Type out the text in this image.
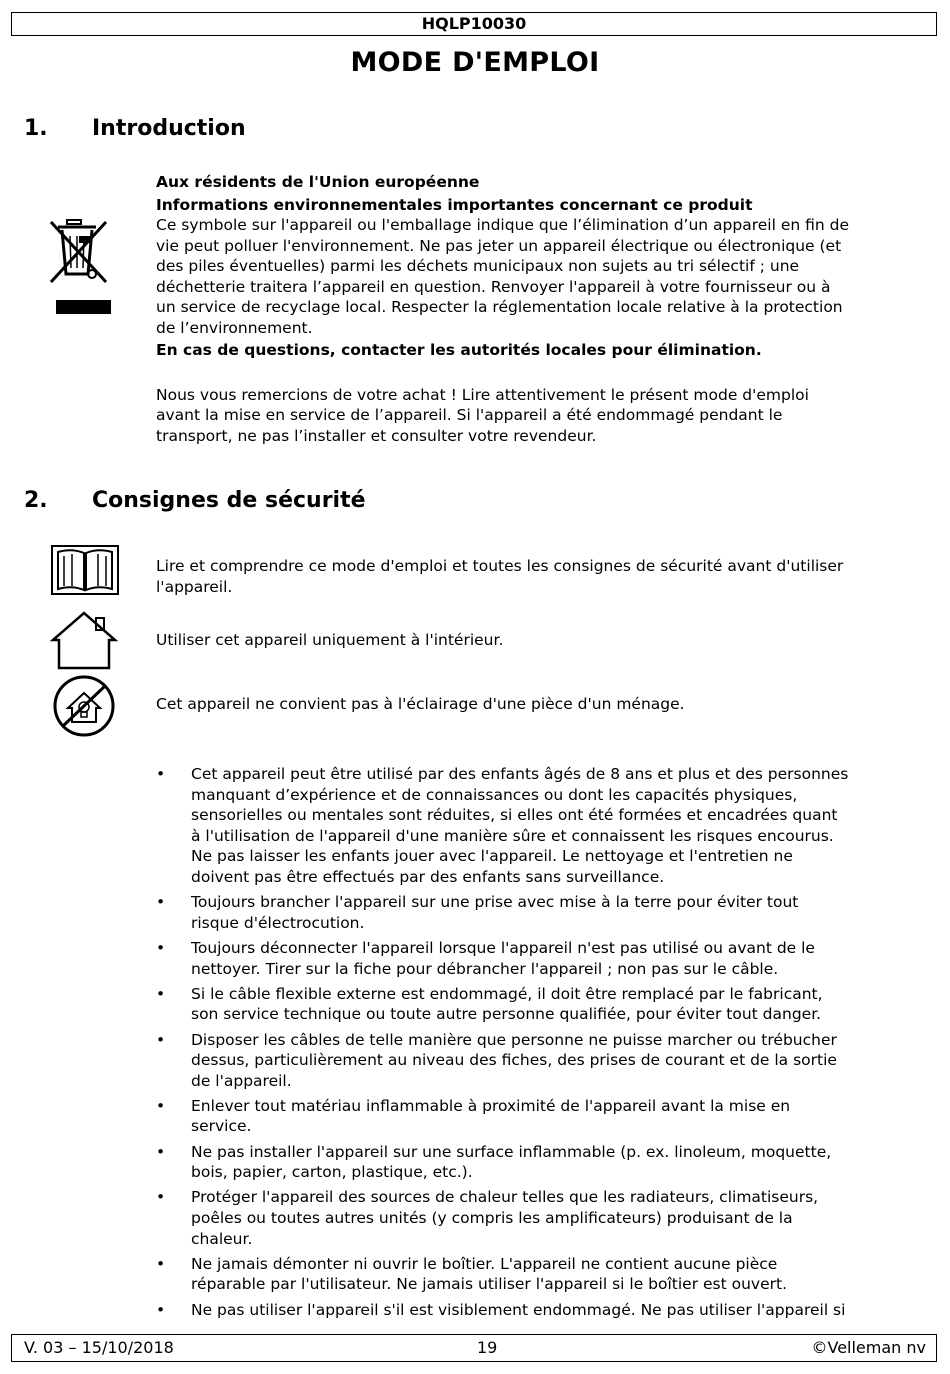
HQLP10030
MODE D'EMPLOI
1. Introduction

Aux résidents de l'Union européenne

Informations environnementales importantes concernant ce produit

Ce symbole sur l'appareil ou l'emballage indique que l’élimination d’un appareil en fin de

vie peut polluer l'environnement. Ne pas jeter un appareil électrique ou électronique (et

des piles éventuelles) parmi les déchets municipaux non sujets au tri sélectif ; une

déchetterie traitera l’appareil en question. Renvoyer l'appareil à votre fournisseur ou à

un service de recyclage local. Respecter la réglementation locale relative à la protection

de l’environnement.

En cas de questions, contacter les autorités locales pour élimination.

Nous vous remercions de votre achat ! Lire attentivement le présent mode d'emploi

avant la mise en service de l’appareil. Si l'appareil a été endommagé pendant le

transport, ne pas l’installer et consulter votre revendeur.

2. Consignes de sécurité

Lire et comprendre ce mode d'emploi et toutes les consignes de sécurité avant d'utiliser

l'appareil.

Utiliser cet appareil uniquement à l'intérieur.

Cet appareil ne convient pas à l'éclairage d'une pièce d'un ménage.

• Cet appareil peut être utilisé par des enfants âgés de 8 ans et plus et des personnes
manquant d’expérience et de connaissances ou dont les capacités physiques,
sensorielles ou mentales sont réduites, si elles ont été formées et encadrées quant
à l'utilisation de l'appareil d'une manière sûre et connaissent les risques encourus.
Ne pas laisser les enfants jouer avec l'appareil. Le nettoyage et l'entretien ne
doivent pas être effectués par des enfants sans surveillance.
• Toujours brancher l'appareil sur une prise avec mise à la terre pour éviter tout
risque d'électrocution.
• Toujours déconnecter l'appareil lorsque l'appareil n'est pas utilisé ou avant de le
nettoyer. Tirer sur la fiche pour débrancher l'appareil ; non pas sur le câble.
• Si le câble flexible externe est endommagé, il doit être remplacé par le fabricant,
son service technique ou toute autre personne qualifiée, pour éviter tout danger.
• Disposer les câbles de telle manière que personne ne puisse marcher ou trébucher
dessus, particulièrement au niveau des fiches, des prises de courant et de la sortie
de l'appareil.
• Enlever tout matériau inflammable à proximité de l'appareil avant la mise en
service.
• Ne pas installer l'appareil sur une surface inflammable (p. ex. linoleum, moquette,
bois, papier, carton, plastique, etc.).
• Protéger l'appareil des sources de chaleur telles que les radiateurs, climatiseurs,
poêles ou toutes autres unités (y compris les amplificateurs) produisant de la
chaleur.
• Ne jamais démonter ni ouvrir le boîtier. L'appareil ne contient aucune pièce
réparable par l'utilisateur. Ne jamais utiliser l'appareil si le boîtier est ouvert.
• Ne pas utiliser l'appareil s'il est visiblement endommagé. Ne pas utiliser l'appareil si
V. 03 – 15/10/2018	19	©Velleman nv
